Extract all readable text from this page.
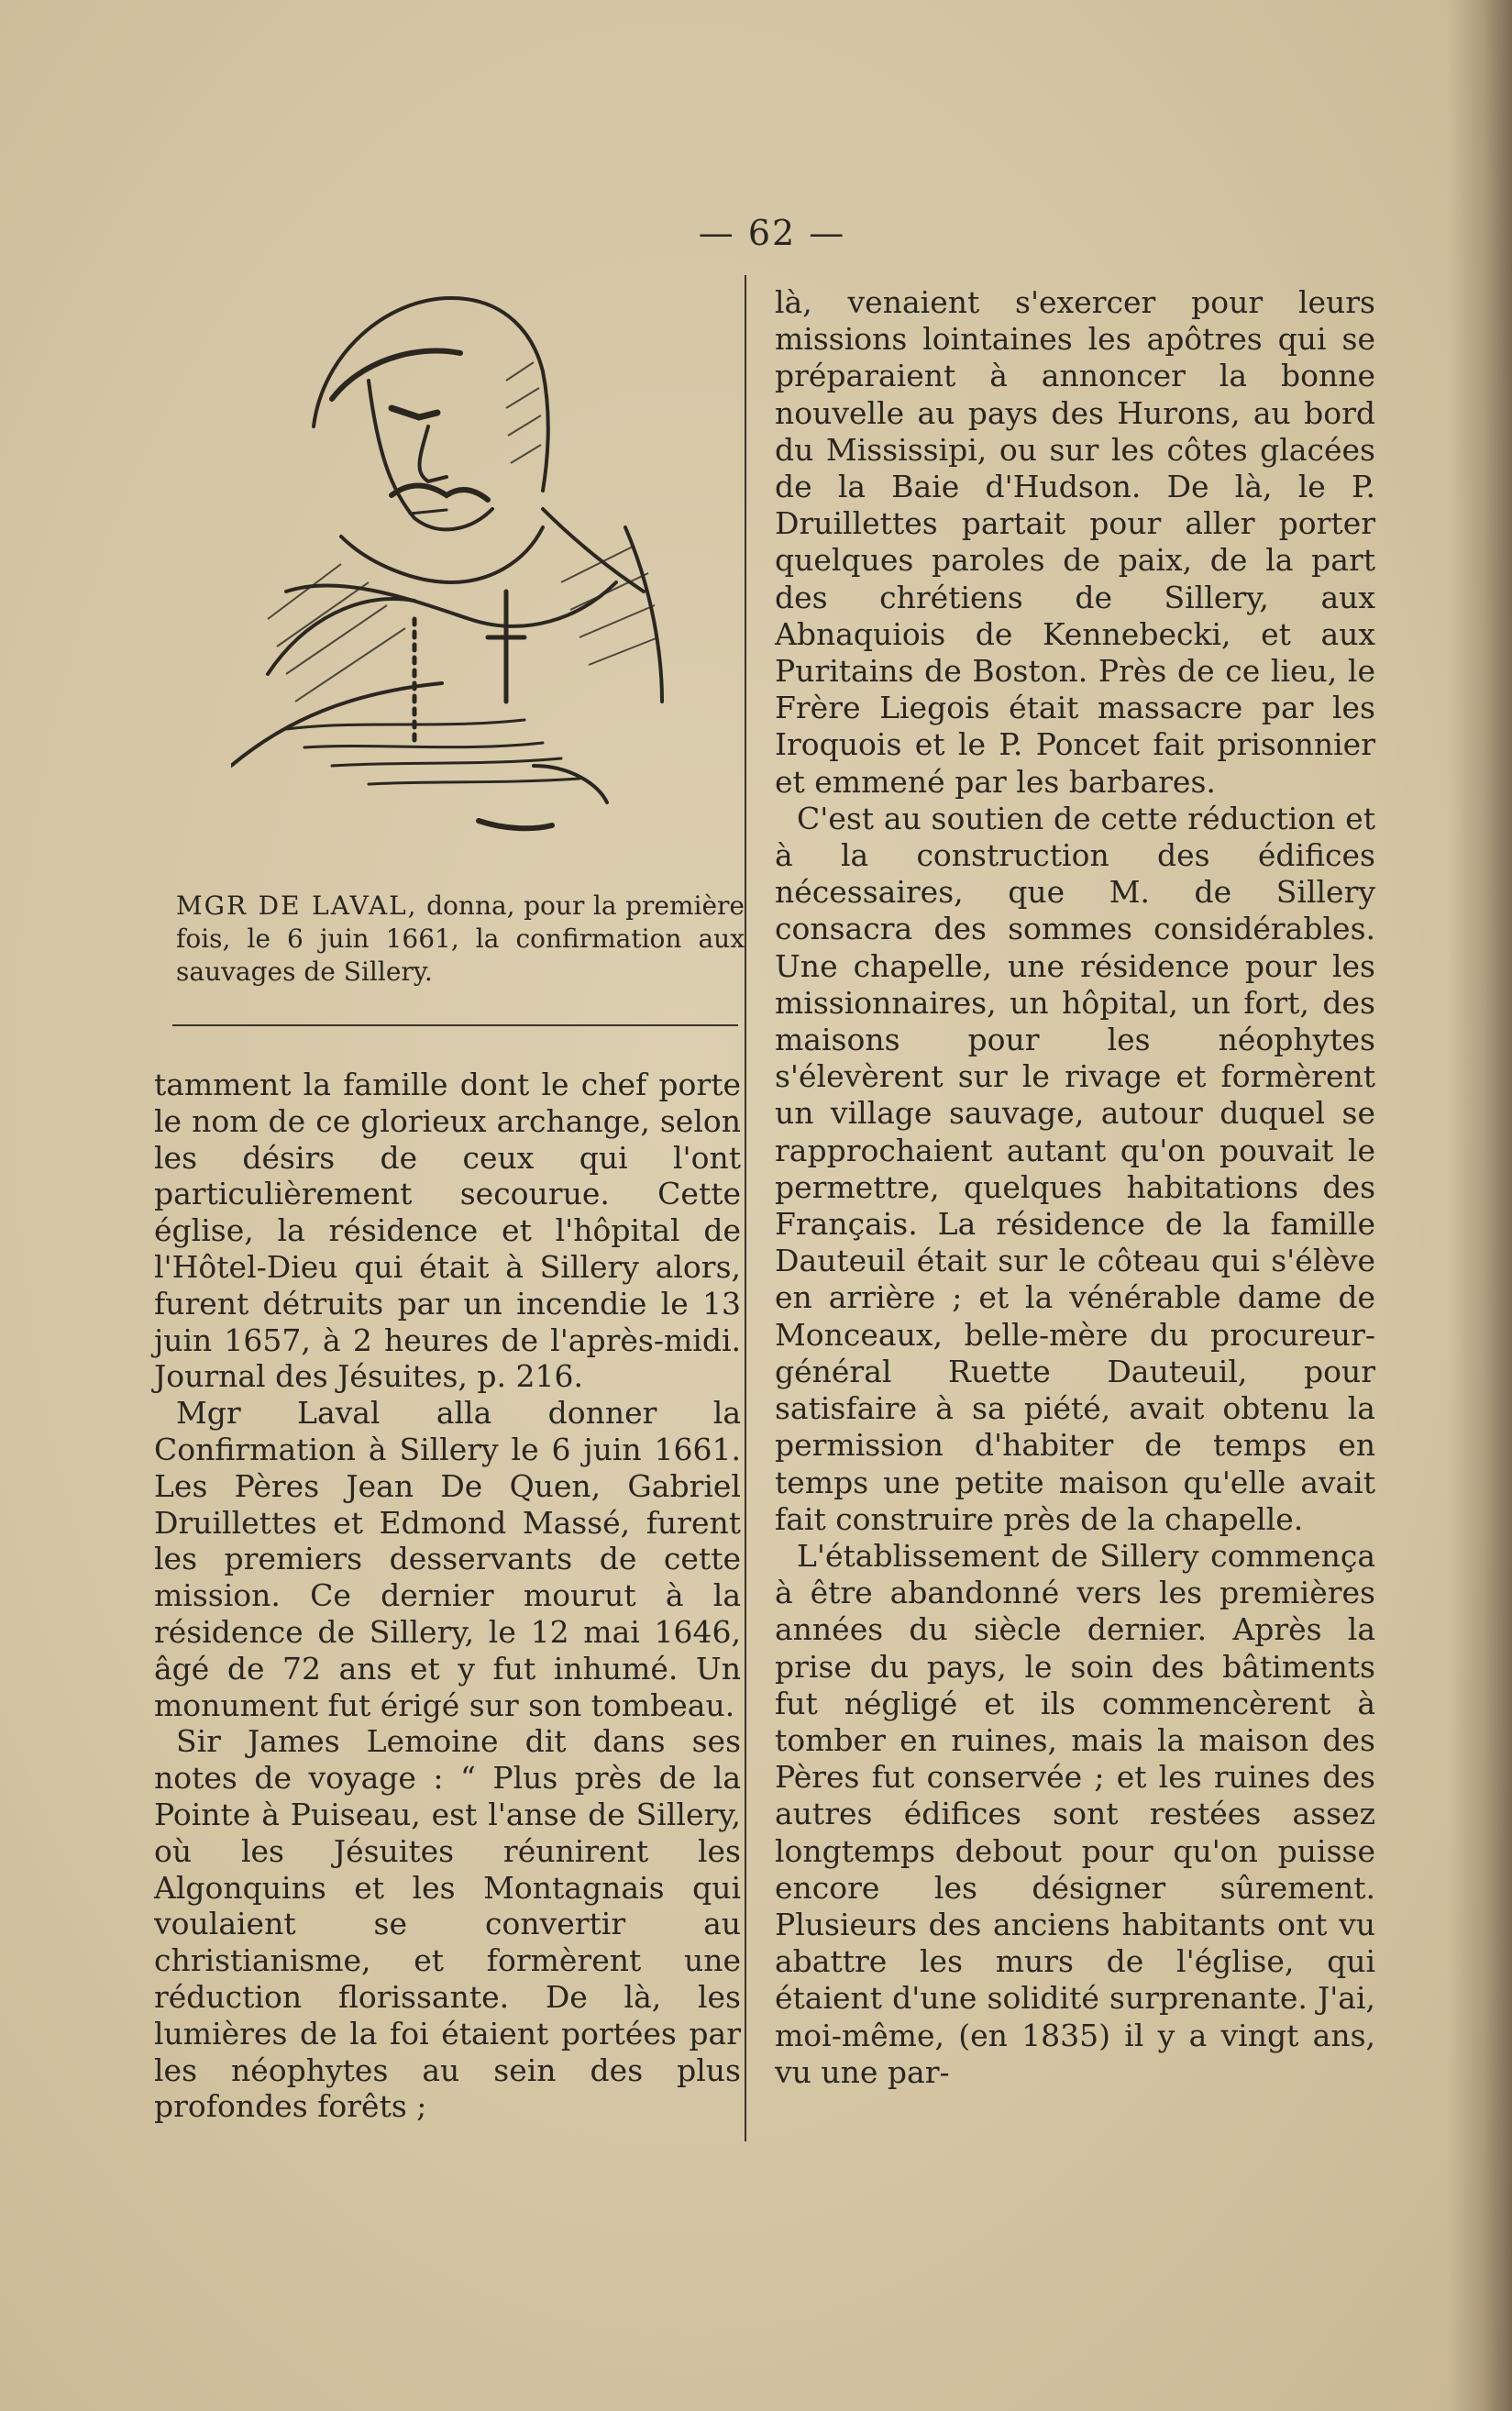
— 62 —
MGR DE LAVAL, donna, pour la première fois, le 6 juin 1661, la confirmation aux sauvages de Sillery.

tamment la famille dont le chef porte le nom de ce glorieux archange, selon les désirs de ceux qui l'ont particulièrement secourue. Cette église, la résidence et l'hôpital de l'Hôtel-Dieu qui était à Sillery alors, furent détruits par un incendie le 13 juin 1657, à 2 heures de l'après-midi. Journal des Jésuites, p. 216.

Mgr Laval alla donner la Confirmation à Sillery le 6 juin 1661. Les Pères Jean De Quen, Gabriel Druillettes et Edmond Massé, furent les premiers desservants de cette mission. Ce dernier mourut à la résidence de Sillery, le 12 mai 1646, âgé de 72 ans et y fut inhumé. Un monument fut érigé sur son tombeau.

Sir James Lemoine dit dans ses notes de voyage : “ Plus près de la Pointe à Puiseau, est l'anse de Sillery, où les Jésuites réunirent les Algonquins et les Montagnais qui voulaient se convertir au christianisme, et formèrent une réduction florissante. De là, les lumières de la foi étaient portées par les néophytes au sein des plus profondes forêts ;

là, venaient s'exercer pour leurs missions lointaines les apôtres qui se préparaient à annoncer la bonne nouvelle au pays des Hurons, au bord du Mississipi, ou sur les côtes glacées de la Baie d'Hudson. De là, le P. Druillettes partait pour aller porter quelques paroles de paix, de la part des chrétiens de Sillery, aux Abnaquiois de Kennebecki, et aux Puritains de Boston. Près de ce lieu, le Frère Liegois était massacre par les Iroquois et le P. Poncet fait prisonnier et emmené par les barbares.

C'est au soutien de cette réduction et à la construction des édifices nécessaires, que M. de Sillery consacra des sommes considérables. Une chapelle, une résidence pour les missionnaires, un hôpital, un fort, des maisons pour les néophytes s'élevèrent sur le rivage et formèrent un village sauvage, autour duquel se rapprochaient autant qu'on pouvait le permettre, quelques habitations des Français. La résidence de la famille Dauteuil était sur le côteau qui s'élève en arrière ; et la vénérable dame de Monceaux, belle-mère du procureur-général Ruette Dauteuil, pour satisfaire à sa piété, avait obtenu la permission d'habiter de temps en temps une petite maison qu'elle avait fait construire près de la chapelle.

L'établissement de Sillery commença à être abandonné vers les premières années du siècle dernier. Après la prise du pays, le soin des bâtiments fut négligé et ils commencèrent à tomber en ruines, mais la maison des Pères fut conservée ; et les ruines des autres édifices sont restées assez longtemps debout pour qu'on puisse encore les désigner sûrement. Plusieurs des anciens habitants ont vu abattre les murs de l'église, qui étaient d'une solidité surprenante. J'ai, moi-même, (en 1835) il y a vingt ans, vu une par-
